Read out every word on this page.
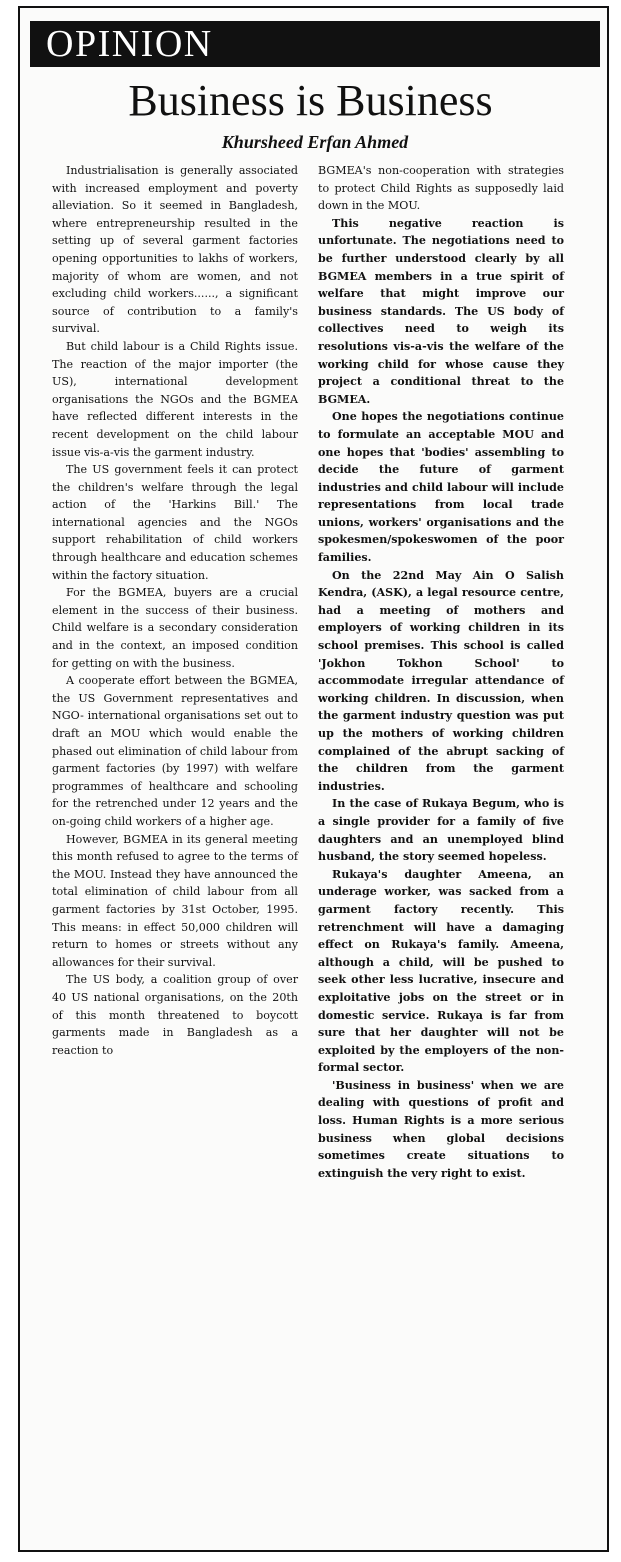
OPINION
Business is Business
Khursheed Erfan Ahmed

Industrialisation is generally associated with increased employment and poverty alleviation. So it seemed in Bangladesh, where entrepreneurship resulted in the setting up of several garment factories opening opportunities to lakhs of workers, majority of whom are women, and not excluding child workers......, a significant source of contribution to a family's survival.

But child labour is a Child Rights issue. The reaction of the major importer (the US), international development organisations the NGOs and the BGMEA have reflected different interests in the recent development on the child labour issue vis-a-vis the garment industry.

The US government feels it can protect the children's welfare through the legal action of the 'Harkins Bill.' The international agencies and the NGOs support rehabilitation of child workers through healthcare and education schemes within the factory situation.

For the BGMEA, buyers are a crucial element in the success of their business. Child welfare is a secondary consideration and in the context, an imposed condition for getting on with the business.

A cooperate effort between the BGMEA, the US Government representatives and NGO- international organisations set out to draft an MOU which would enable the phased out elimination of child labour from garment factories (by 1997) with welfare programmes of healthcare and schooling for the retrenched under 12 years and the on-going child workers of a higher age.

However, BGMEA in its general meeting this month refused to agree to the terms of the MOU. Instead they have announced the total elimination of child labour from all garment factories by 31st October, 1995. This means: in effect 50,000 children will return to homes or streets without any allowances for their survival.

The US body, a coalition group of over 40 US national organisations, on the 20th of this month threatened to boycott garments made in Bangladesh as a reaction to

BGMEA's non-cooperation with strategies to protect Child Rights as supposedly laid down in the MOU.

This negative reaction is unfortunate. The negotiations need to be further understood clearly by all BGMEA members in a true spirit of welfare that might improve our business standards. The US body of collectives need to weigh its resolutions vis-a-vis the welfare of the working child for whose cause they project a conditional threat to the BGMEA.

One hopes the negotiations continue to formulate an acceptable MOU and one hopes that 'bodies' assembling to decide the future of garment industries and child labour will include representations from local trade unions, workers' organisations and the spokesmen/spokeswomen of the poor families.

On the 22nd May Ain O Salish Kendra, (ASK), a legal resource centre, had a meeting of mothers and employers of working children in its school premises. This school is called 'Jokhon Tokhon School' to accommodate irregular attendance of working children. In discussion, when the garment industry question was put up the mothers of working children complained of the abrupt sacking of the children from the garment industries.

In the case of Rukaya Begum, who is a single provider for a family of five daughters and an unemployed blind husband, the story seemed hopeless.

Rukaya's daughter Ameena, an underage worker, was sacked from a garment factory recently. This retrenchment will have a damaging effect on Rukaya's family. Ameena, although a child, will be pushed to seek other less lucrative, insecure and exploitative jobs on the street or in domestic service. Rukaya is far from sure that her daughter will not be exploited by the employers of the non-formal sector.

'Business in business' when we are dealing with questions of profit and loss. Human Rights is a more serious business when global decisions sometimes create situations to extinguish the very right to exist.
